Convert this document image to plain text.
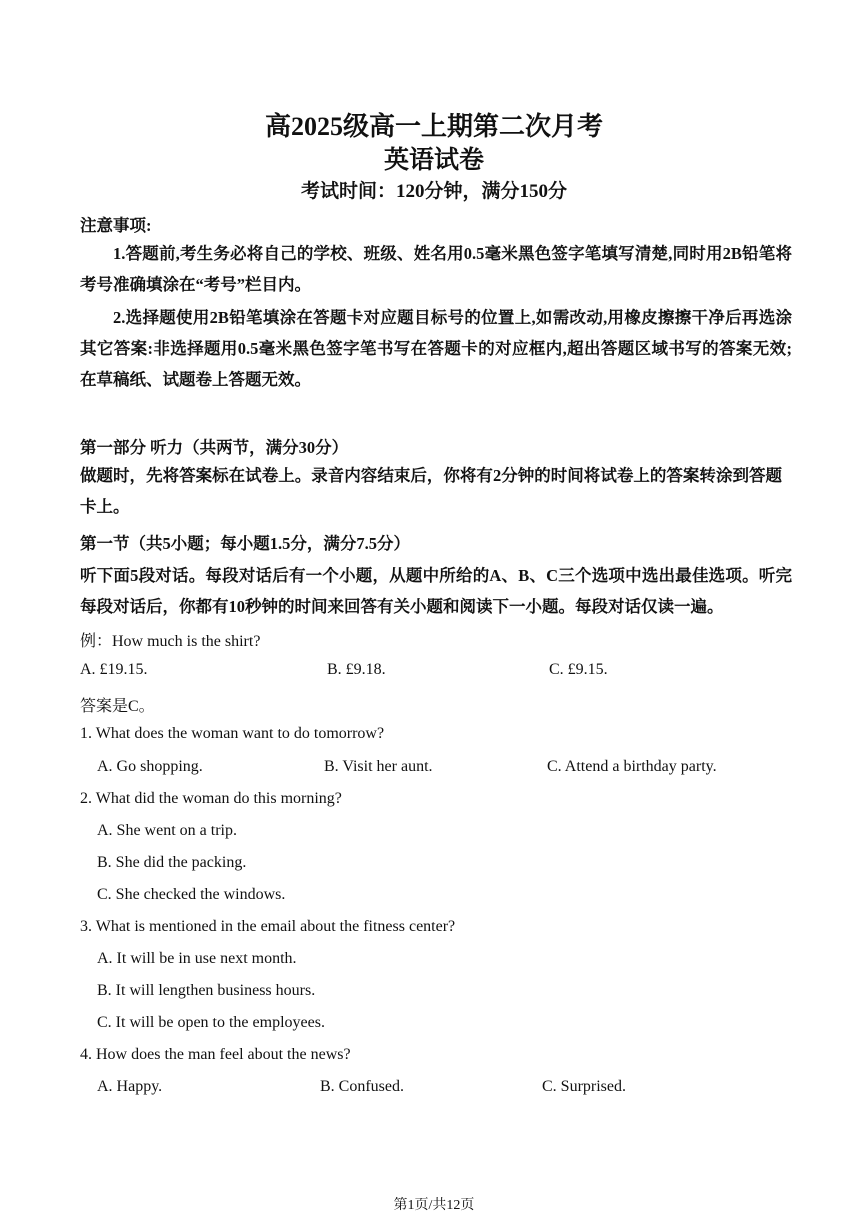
高2025级高一上期第二次月考
英语试卷
考试时间：120分钟，满分150分
注意事项:
1.答题前,考生务必将自己的学校、班级、姓名用0.5毫米黑色签字笔填写清楚,同时用2B铅笔将考号准确填涂在“考号”栏目内。
2.选择题使用2B铅笔填涂在答题卡对应题目标号的位置上,如需改动,用橡皮擦擦干净后再选涂其它答案:非选择题用0.5毫米黑色签字笔书写在答题卡的对应框内,超出答题区域书写的答案无效;在草稿纸、试题卷上答题无效。
第一部分 听力（共两节，满分30分）
做题时，先将答案标在试卷上。录音内容结束后，你将有2分钟的时间将试卷上的答案转涂到答题卡上。
第一节（共5小题；每小题1.5分，满分7.5分）
听下面5段对话。每段对话后有一个小题，从题中所给的A、B、C三个选项中选出最佳选项。听完每段对话后，你都有10秒钟的时间来回答有关小题和阅读下一小题。每段对话仅读一遍。
例：How much is the shirt?
A. £19.15.	B. £9.18.	C. £9.15.
答案是C。
1. What does the woman want to do tomorrow?
A. Go shopping.	B. Visit her aunt.	C. Attend a birthday party.
2. What did the woman do this morning?
A. She went on a trip.
B. She did the packing.
C. She checked the windows.
3. What is mentioned in the email about the fitness center?
A. It will be in use next month.
B. It will lengthen business hours.
C. It will be open to the employees.
4. How does the man feel about the news?
A. Happy.	B. Confused.	C. Surprised.
第1页/共12页
